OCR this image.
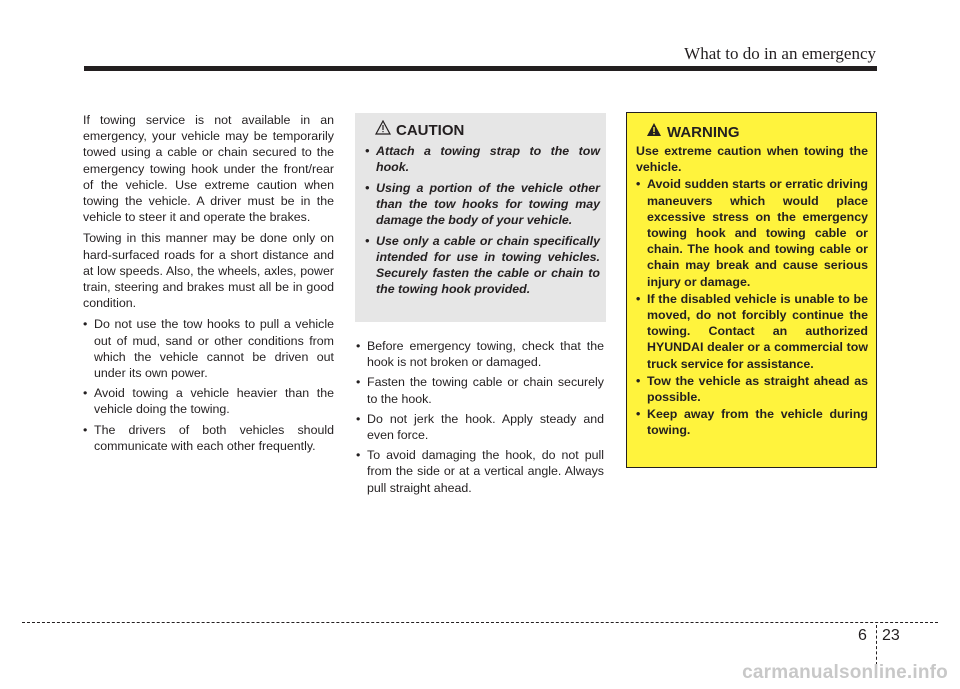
What to do in an emergency

If towing service is not available in an emergency, your vehicle may be temporarily towed using a cable or chain secured to the emergency towing hook under the front/rear of the vehicle. Use extreme caution when towing the vehicle. A driver must be in the vehicle to steer it and operate the brakes.

Towing in this manner may be done only on hard-surfaced roads for a short distance and at low speeds. Also, the wheels, axles, power train, steering and brakes must all be in good condition.

• Do not use the tow hooks to pull a vehicle out of mud, sand or other conditions from which the vehicle cannot be driven out under its own power.
• Avoid towing a vehicle heavier than the vehicle doing the towing.
• The drivers of both vehicles should communicate with each other frequently.
CAUTION
• Attach a towing strap to the tow hook.
• Using a portion of the vehicle other than the tow hooks for towing may damage the body of your vehicle.
• Use only a cable or chain specifically intended for use in towing vehicles. Securely fasten the cable or chain to the towing hook provided.
• Before emergency towing, check that the hook is not broken or damaged.
• Fasten the towing cable or chain securely to the hook.
• Do not jerk the hook. Apply steady and even force.
• To avoid damaging the hook, do not pull from the side or at a vertical angle. Always pull straight ahead.
WARNING

Use extreme caution when towing the vehicle.

• Avoid sudden starts or erratic driving maneuvers which would place excessive stress on the emergency towing hook and towing cable or chain. The hook and towing cable or chain may break and cause serious injury or damage.
• If the disabled vehicle is unable to be moved, do not forcibly continue the towing. Contact an authorized HYUNDAI dealer or a commercial tow truck service for assistance.
• Tow the vehicle as straight ahead as possible.
• Keep away from the vehicle during towing.
6 23
carmanualsonline.info
